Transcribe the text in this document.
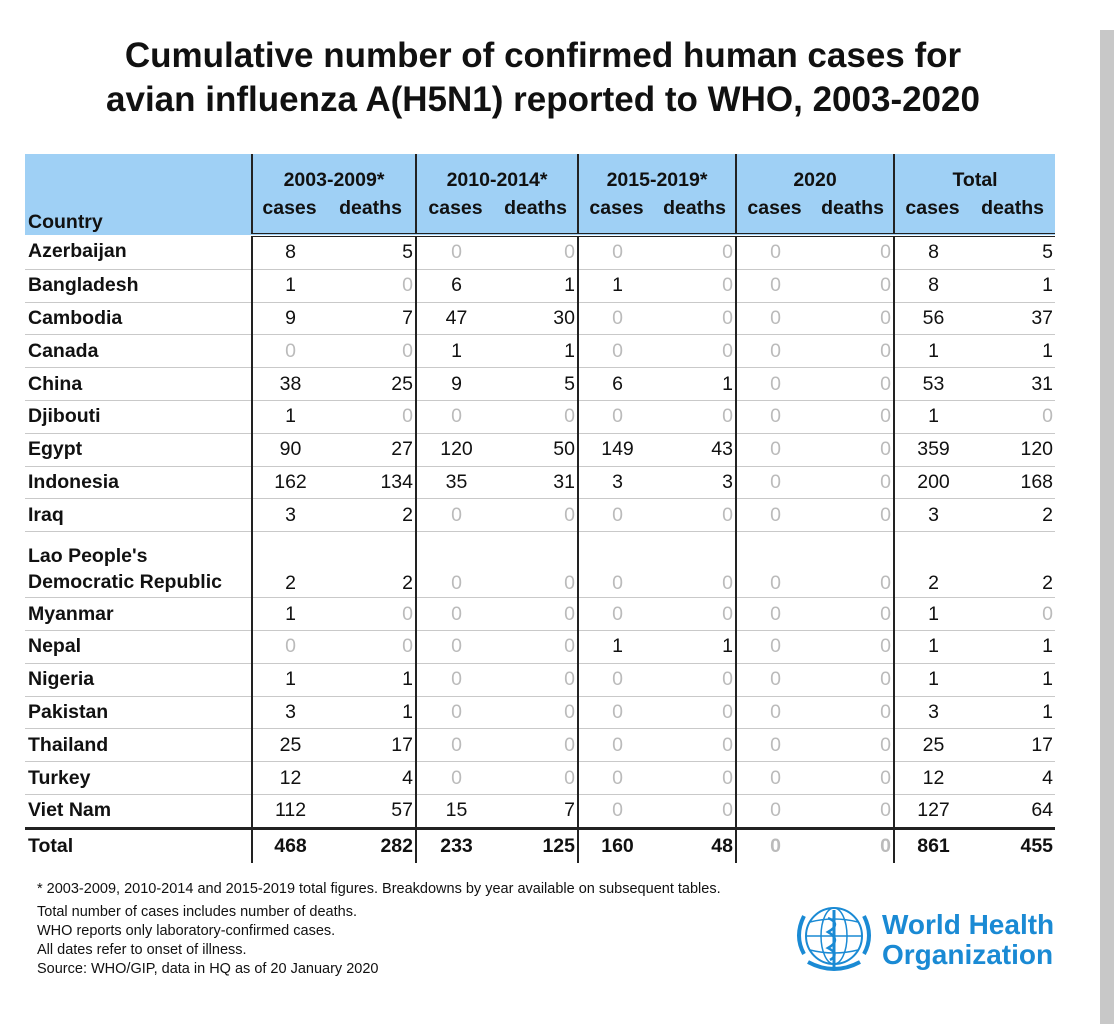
Cumulative number of confirmed human cases for
avian influenza A(H5N1) reported to WHO, 2003-2020
Country	2003-2009*		2010-2014*		2015-2019*		2020		Total	
	cases	deaths	cases	deaths	cases	deaths	cases	deaths	cases	deaths
Azerbaijan	8	5	0	0	0	0	0	0	8	5
Bangladesh	1	0	6	1	1	0	0	0	8	1
Cambodia	9	7	47	30	0	0	0	0	56	37
Canada	0	0	1	1	0	0	0	0	1	1
China	38	25	9	5	6	1	0	0	53	31
Djibouti	1	0	0	0	0	0	0	0	1	0
Egypt	90	27	120	50	149	43	0	0	359	120
Indonesia	162	134	35	31	3	3	0	0	200	168
Iraq	3	2	0	0	0	0	0	0	3	2
Lao People's Democratic Republic	2	2	0	0	0	0	0	0	2	2
Myanmar	1	0	0	0	0	0	0	0	1	0
Nepal	0	0	0	0	1	1	0	0	1	1
Nigeria	1	1	0	0	0	0	0	0	1	1
Pakistan	3	1	0	0	0	0	0	0	3	1
Thailand	25	17	0	0	0	0	0	0	25	17
Turkey	12	4	0	0	0	0	0	0	12	4
Viet Nam	112	57	15	7	0	0	0	0	127	64
Total	468	282	233	125	160	48	0	0	861	455
* 2003-2009, 2010-2014 and 2015-2019 total figures. Breakdowns by year available on subsequent tables.
Total number of cases includes number of deaths.
WHO reports only laboratory-confirmed cases.
All dates refer to onset of illness.
Source: WHO/GIP, data in HQ as of 20 January 2020
World Health
Organization
